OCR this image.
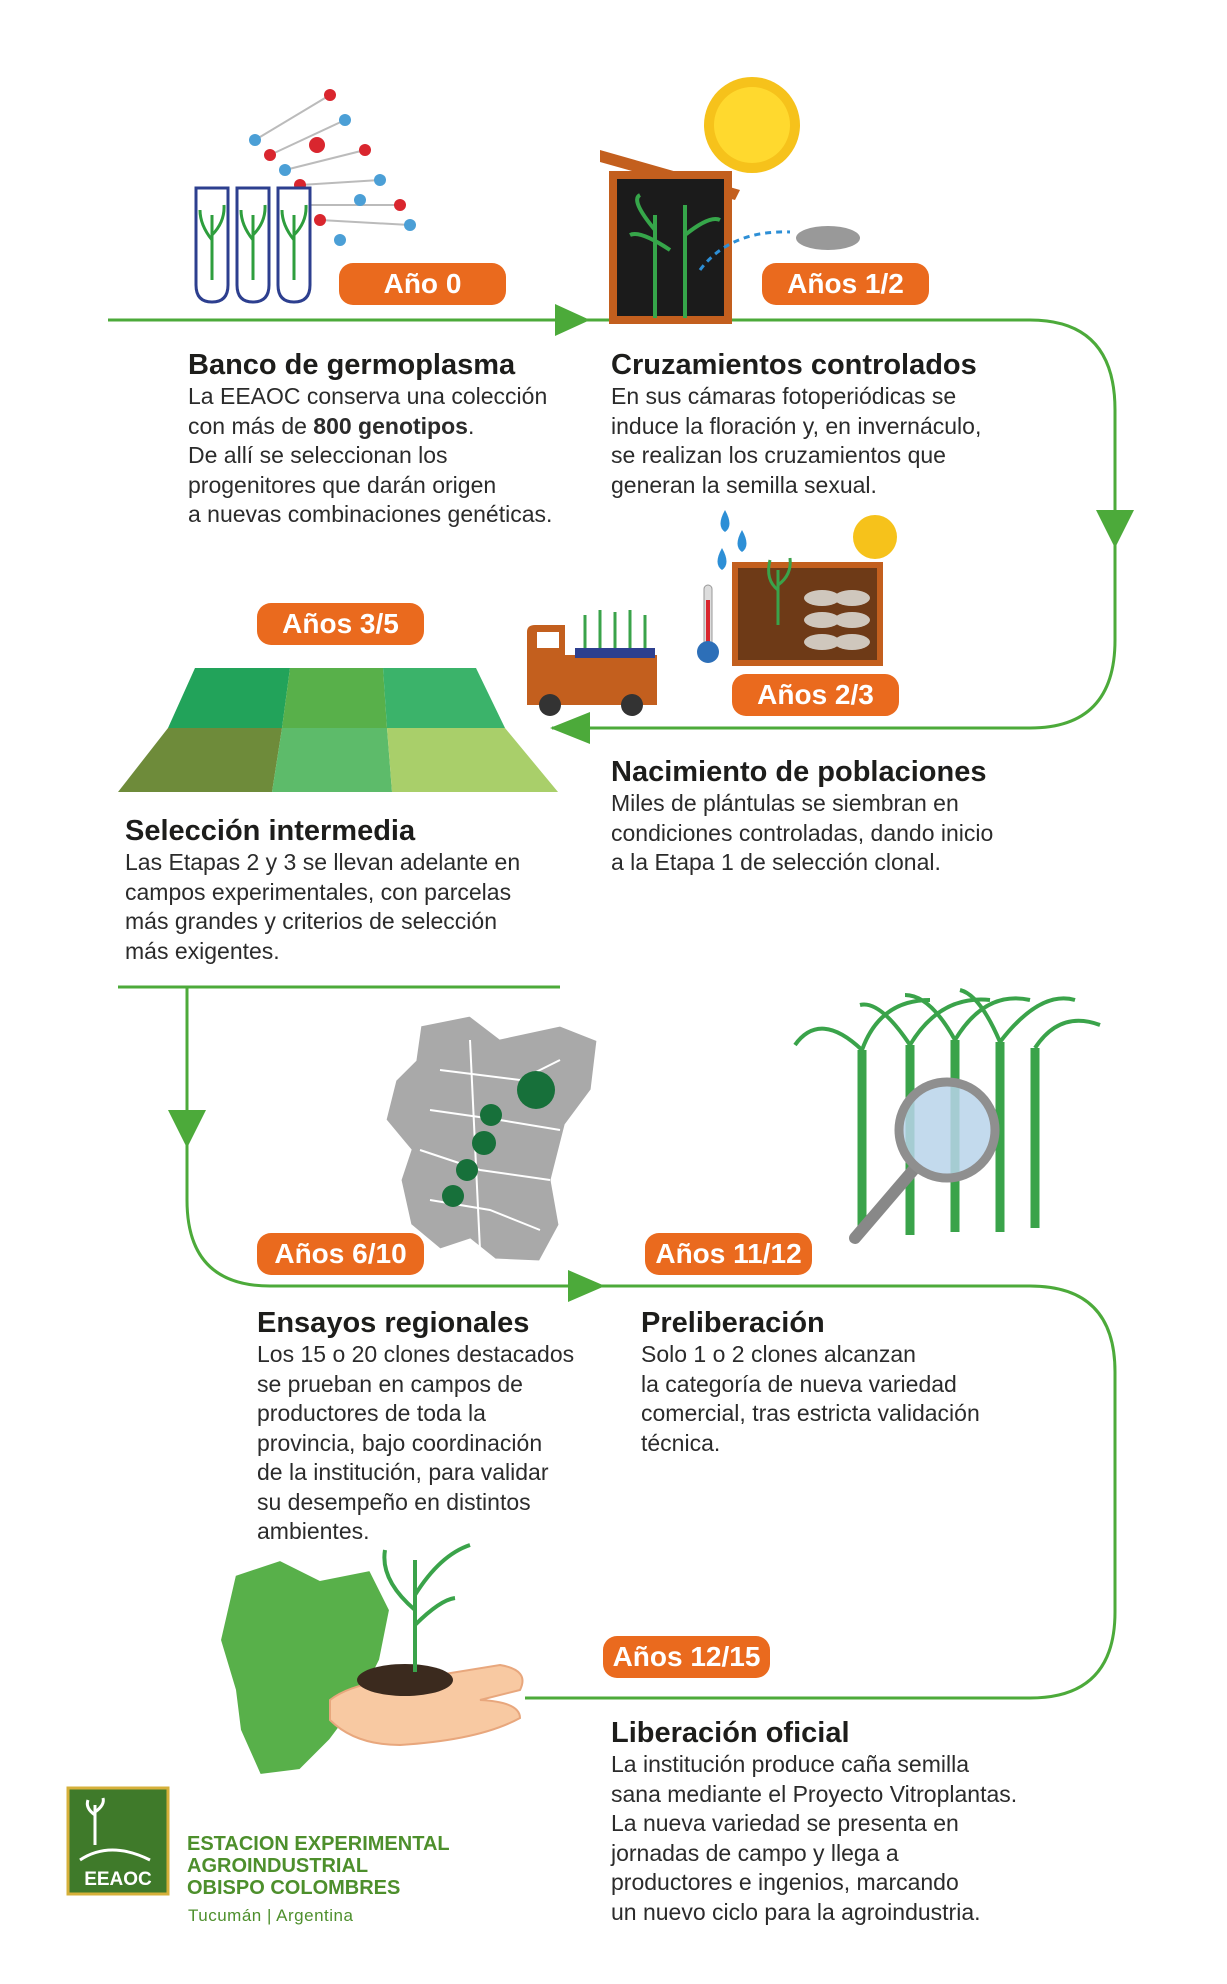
EEAOC
Año 0	Años 1/2
Años 2/3
Años 3/5
Años 6/10	Años 11/12
Años 12/15
Banco de germoplasma

La EEAOC conserva una colección
con más de 800 genotipos.
De allí se seleccionan los
progenitores que darán origen
a nuevas combinaciones genéticas.

Cruzamientos controlados

En sus cámaras fotoperiódicas se
induce la floración y, en invernáculo,
se realizan los cruzamientos que
generan la semilla sexual.

Nacimiento de poblaciones

Miles de plántulas se siembran en
condiciones controladas, dando inicio
a la Etapa 1 de selección clonal.

Selección intermedia

Las Etapas 2 y 3 se llevan adelante en
campos experimentales, con parcelas
más grandes y criterios de selección
más exigentes.

Ensayos regionales

Los 15 o 20 clones destacados
se prueban en campos de
productores de toda la
provincia, bajo coordinación
de la institución, para validar
su desempeño en distintos
ambientes.

Preliberación

Solo 1 o 2 clones alcanzan
la categoría de nueva variedad
comercial, tras estricta validación
técnica.

Liberación oficial

La institución produce caña semilla
sana mediante el Proyecto Vitroplantas.
La nueva variedad se presenta en
jornadas de campo y llega a
productores e ingenios, marcando
un nuevo ciclo para la agroindustria.

ESTACION EXPERIMENTAL
AGROINDUSTRIAL
OBISPO COLOMBRES
Tucumán | Argentina
